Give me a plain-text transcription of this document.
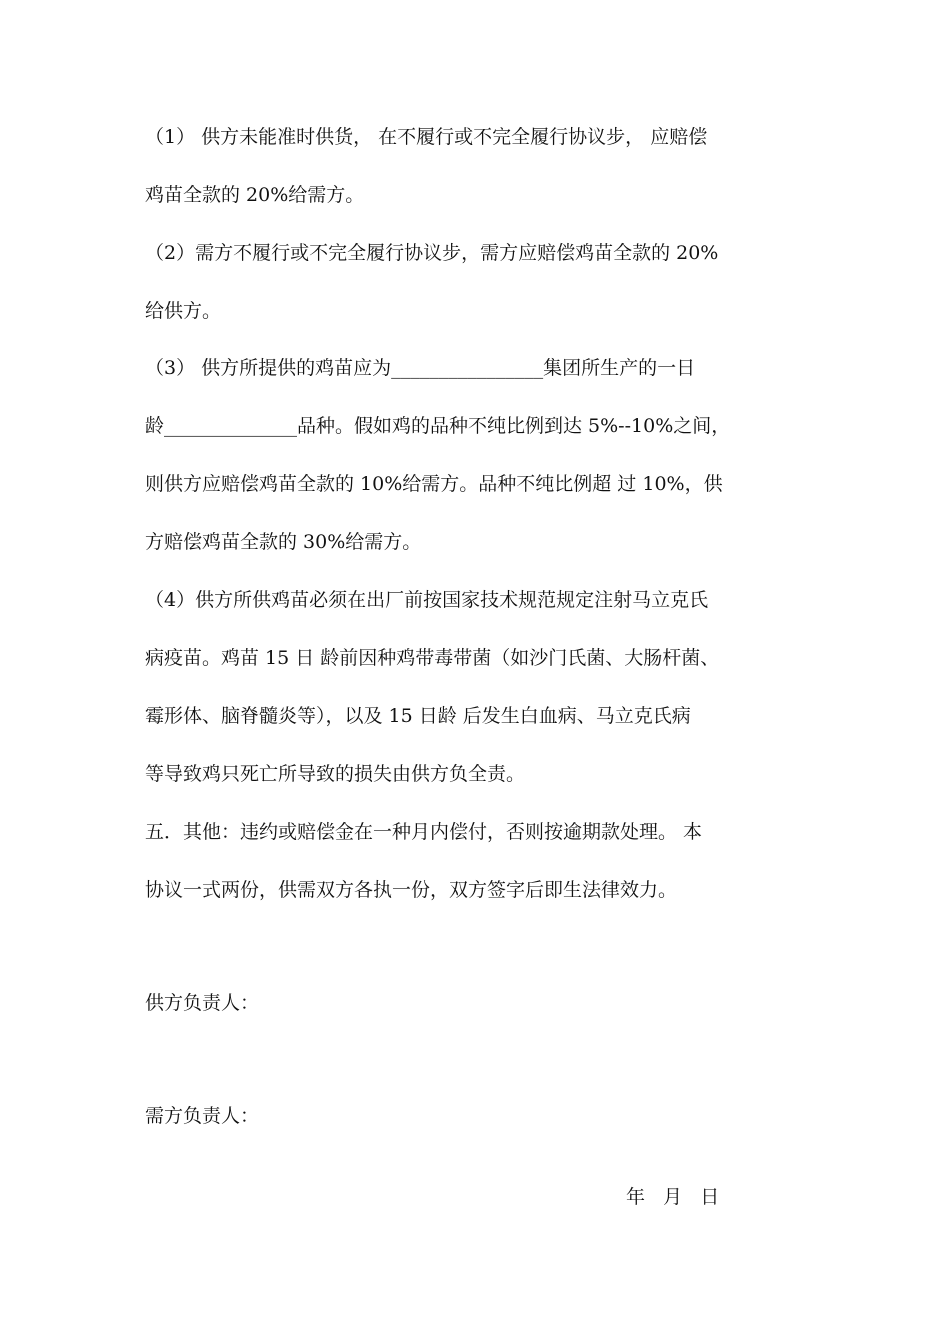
（1） 供方未能准时供货， 在不履行或不完全履行协议步， 应赔偿
鸡苗全款的 20%给需方。
（2）需方不履行或不完全履行协议步，需方应赔偿鸡苗全款的 20%
给供方。
（3） 供方所提供的鸡苗应为________________集团所生产的一日
龄______________品种。假如鸡的品种不纯比例到达 5%--10%之间，
则供方应赔偿鸡苗全款的 10%给需方。品种不纯比例超 过 10%，供
方赔偿鸡苗全款的 30%给需方。
（4）供方所供鸡苗必须在出厂前按国家技术规范规定注射马立克氏
病疫苗。鸡苗 15 日 龄前因种鸡带毒带菌（如沙门氏菌、大肠杆菌、
霉形体、脑脊髓炎等），以及 15 日龄 后发生白血病、马立克氏病
等导致鸡只死亡所导致的损失由供方负全责。
五．其他：违约或赔偿金在一种月内偿付，否则按逾期款处理。 本
协议一式两份，供需双方各执一份，双方签字后即生法律效力。
供方负责人：
需方负责人：
年   月   日
